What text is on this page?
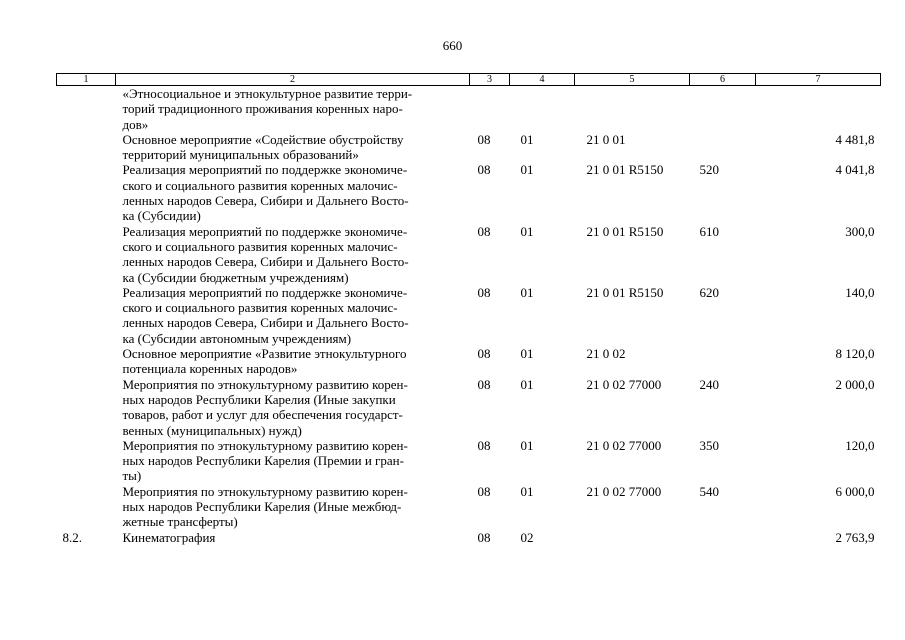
660
1	2	3	4	5	6	7

	«Этносоциальное и этнокультурное развитие терри-
торий традиционного проживания коренных наро-
дов»					

	Основное мероприятие «Содействие обустройству
территорий муниципальных образований»	08	01	21 0 01		4 481,8

	Реализация мероприятий по поддержке экономиче-
ского и социального развития коренных малочис-
ленных народов Севера, Сибири и Дальнего Восто-
ка (Субсидии)	08	01	21 0 01 R5150	520	4 041,8

	Реализация мероприятий по поддержке экономиче-
ского и социального развития коренных малочис-
ленных народов Севера, Сибири и Дальнего Восто-
ка (Субсидии бюджетным учреждениям)	08	01	21 0 01 R5150	610	300,0

	Реализация мероприятий по поддержке экономиче-
ского и социального развития коренных малочис-
ленных народов Севера, Сибири и Дальнего Восто-
ка (Субсидии автономным учреждениям)	08	01	21 0 01 R5150	620	140,0

	Основное мероприятие «Развитие этнокультурного
потенциала коренных народов»	08	01	21 0 02		8 120,0

	Мероприятия по этнокультурному развитию корен-
ных народов Республики Карелия (Иные закупки
товаров, работ и услуг для обеспечения государст-
венных (муниципальных) нужд)	08	01	21 0 02 77000	240	2 000,0

	Мероприятия по этнокультурному развитию корен-
ных народов Республики Карелия (Премии и гран-
ты)	08	01	21 0 02 77000	350	120,0

	Мероприятия по этнокультурному развитию корен-
ных народов Республики Карелия (Иные межбюд-
жетные трансферты)	08	01	21 0 02 77000	540	6 000,0
8.2.	Кинематография	08	02			2 763,9
